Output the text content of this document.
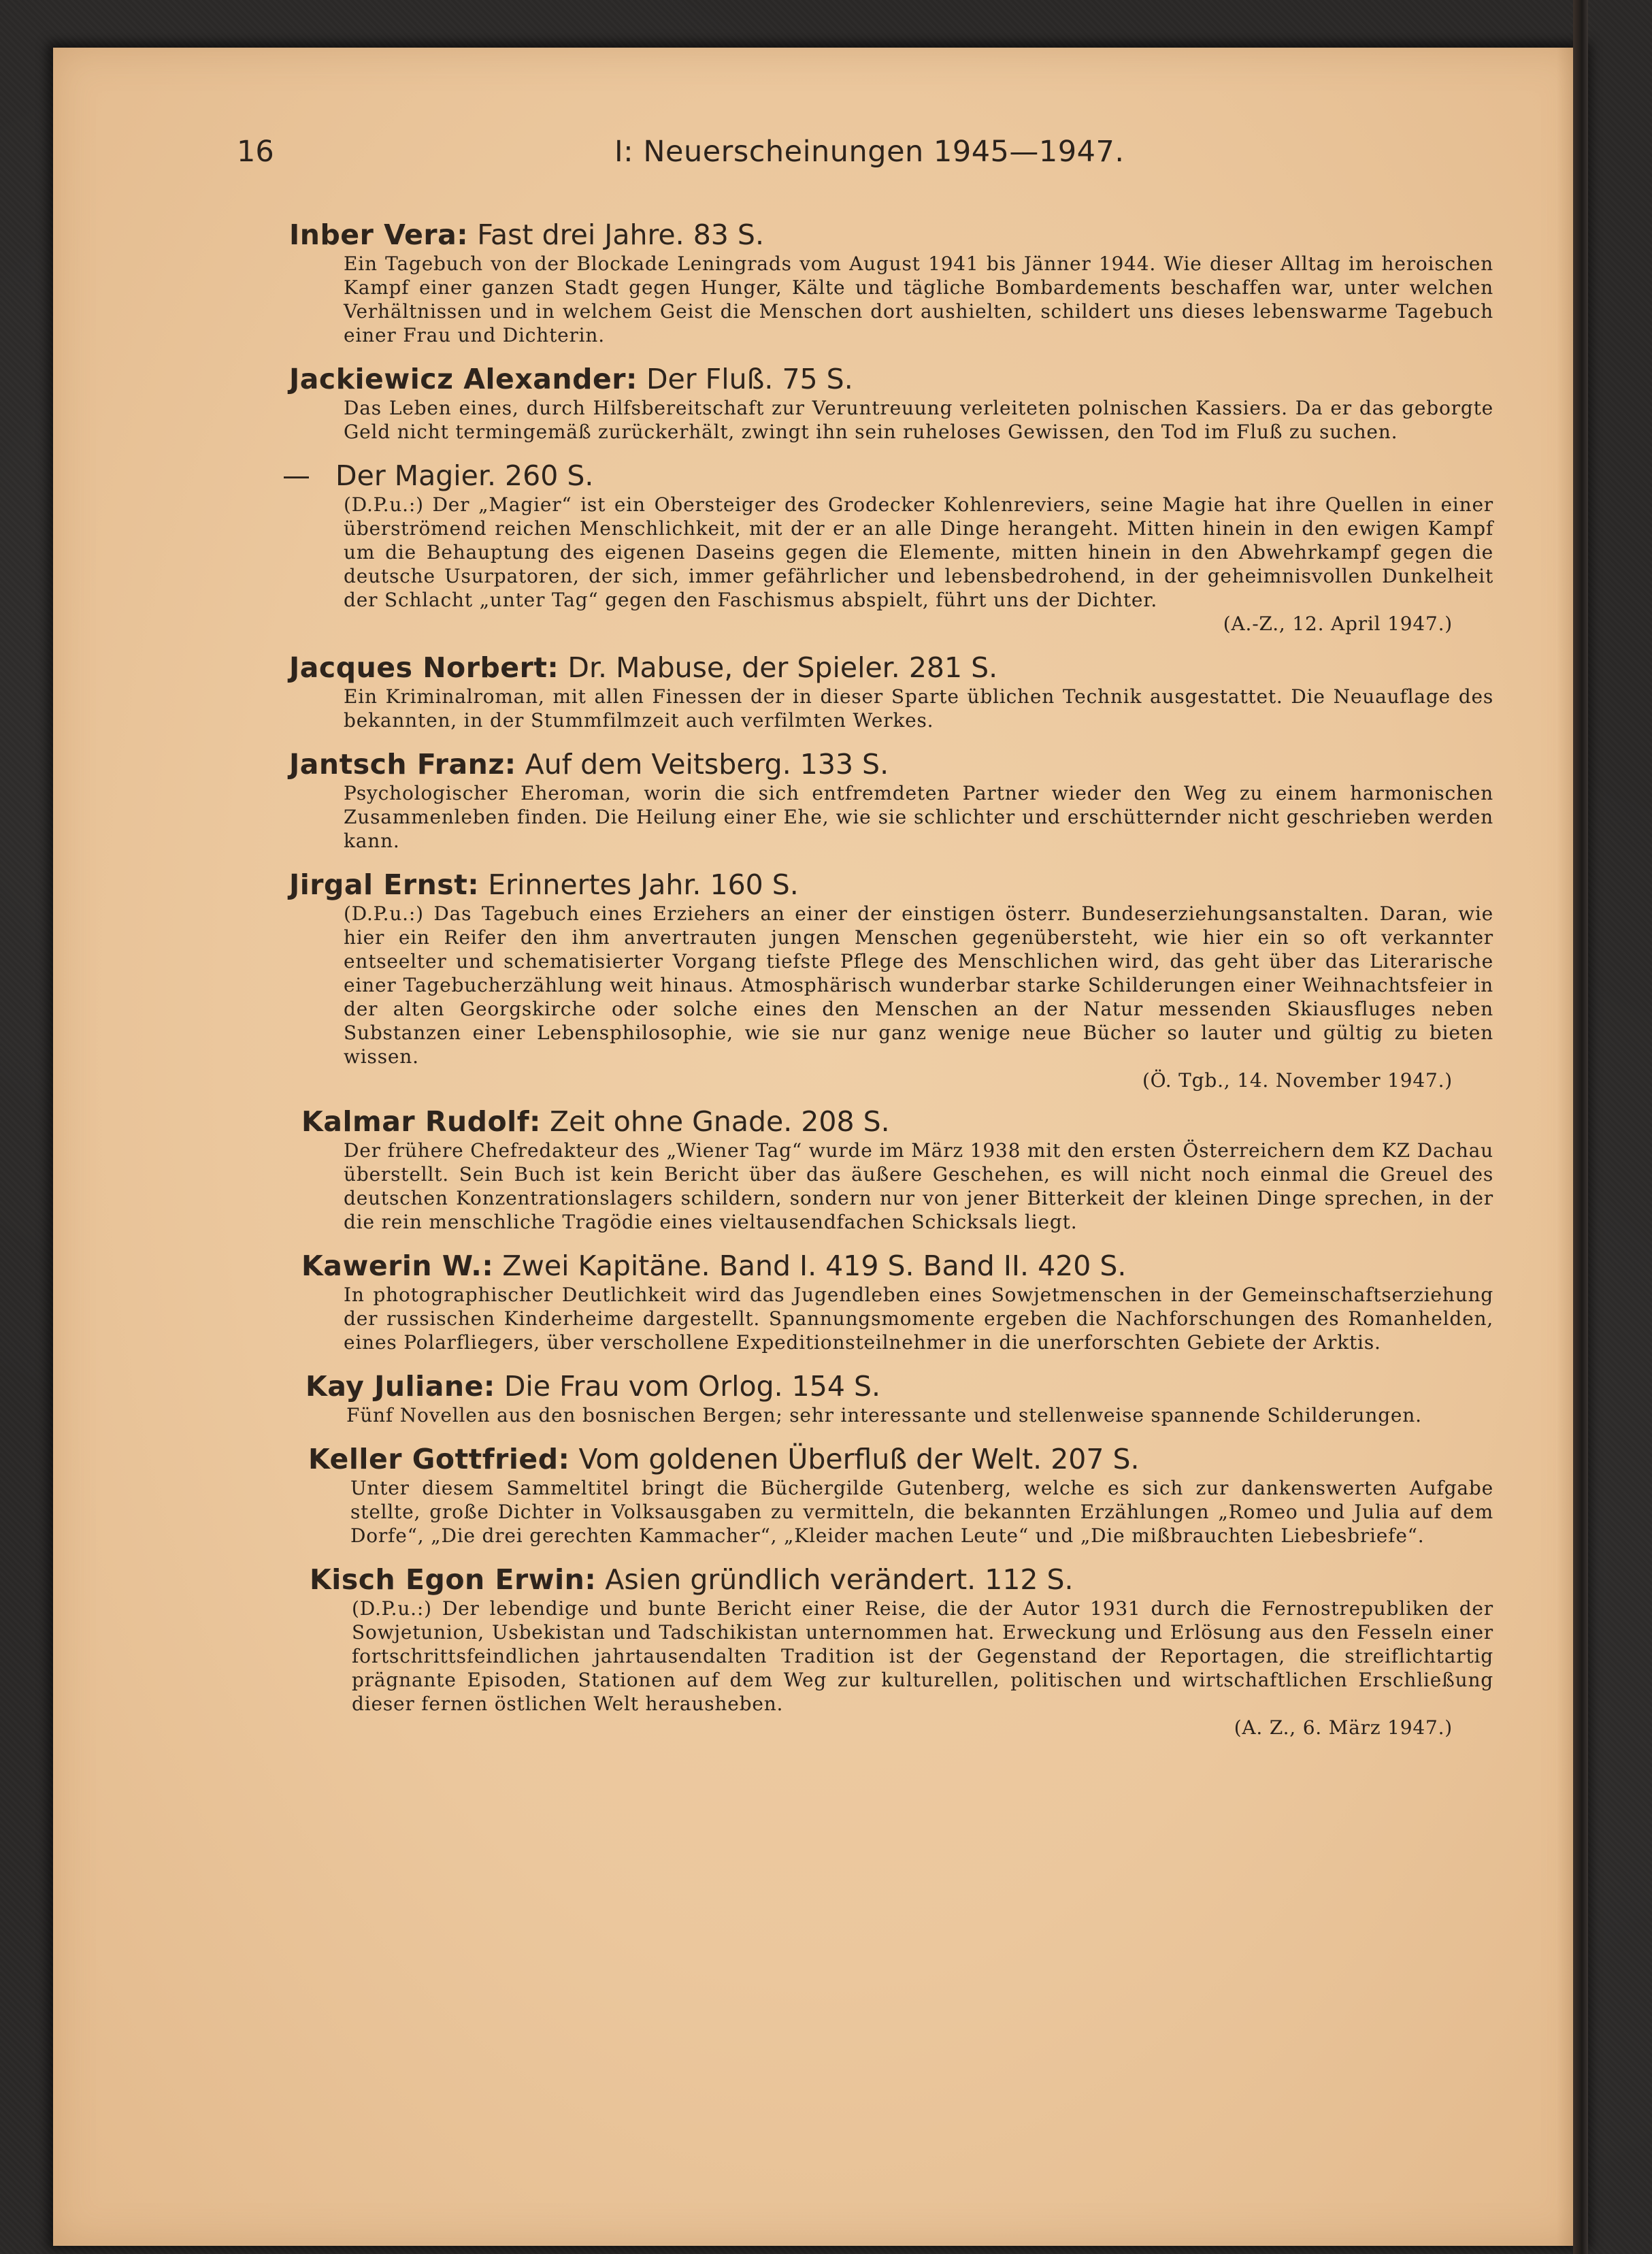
16	I: Neuerscheinungen 1945—1947.
Inber Vera: Fast drei Jahre. 83 S.

Ein Tagebuch von der Blockade Leningrads vom August 1941 bis Jänner 1944. Wie dieser Alltag im heroischen Kampf einer ganzen Stadt gegen Hunger, Kälte und tägliche Bombardements beschaffen war, unter welchen Verhältnissen und in welchem Geist die Menschen dort aushielten, schildert uns dieses lebenswarme Tagebuch einer Frau und Dichterin.

Jackiewicz Alexander: Der Fluß. 75 S.

Das Leben eines, durch Hilfsbereitschaft zur Veruntreuung verleiteten polnischen Kassiers. Da er das geborgte Geld nicht termingemäß zurückerhält, zwingt ihn sein ruheloses Gewissen, den Tod im Fluß zu suchen.

— Der Magier. 260 S.

(D.P.u.:) Der „Magier“ ist ein Obersteiger des Grodecker Kohlenreviers, seine Magie hat ihre Quellen in einer überströmend reichen Menschlichkeit, mit der er an alle Dinge herangeht. Mitten hinein in den ewigen Kampf um die Behauptung des eigenen Daseins gegen die Elemente, mitten hinein in den Abwehrkampf gegen die deutsche Usurpatoren, der sich, immer gefährlicher und lebensbedrohend, in der geheimnisvollen Dunkelheit der Schlacht „unter Tag“ gegen den Faschismus abspielt, führt uns der Dichter.

(A.-Z., 12. April 1947.)

Jacques Norbert: Dr. Mabuse, der Spieler. 281 S.

Ein Kriminalroman, mit allen Finessen der in dieser Sparte üblichen Technik ausgestattet. Die Neuauflage des bekannten, in der Stummfilmzeit auch verfilmten Werkes.

Jantsch Franz: Auf dem Veitsberg. 133 S.

Psychologischer Eheroman, worin die sich entfremdeten Partner wieder den Weg zu einem harmonischen Zusammenleben finden. Die Heilung einer Ehe, wie sie schlichter und erschütternder nicht geschrieben werden kann.

Jirgal Ernst: Erinnertes Jahr. 160 S.

(D.P.u.:) Das Tagebuch eines Erziehers an einer der einstigen österr. Bundeserziehungsanstalten. Daran, wie hier ein Reifer den ihm anvertrauten jungen Menschen gegenübersteht, wie hier ein so oft verkannter entseelter und schematisierter Vorgang tiefste Pflege des Menschlichen wird, das geht über das Literarische einer Tagebucherzählung weit hinaus. Atmosphärisch wunderbar starke Schilderungen einer Weihnachtsfeier in der alten Georgskirche oder solche eines den Menschen an der Natur messenden Skiausfluges neben Substanzen einer Lebensphilosophie, wie sie nur ganz wenige neue Bücher so lauter und gültig zu bieten wissen.

(Ö. Tgb., 14. November 1947.)

Kalmar Rudolf: Zeit ohne Gnade. 208 S.

Der frühere Chefredakteur des „Wiener Tag“ wurde im März 1938 mit den ersten Österreichern dem KZ Dachau überstellt. Sein Buch ist kein Bericht über das äußere Geschehen, es will nicht noch einmal die Greuel des deutschen Konzentrationslagers schildern, sondern nur von jener Bitterkeit der kleinen Dinge sprechen, in der die rein menschliche Tragödie eines vieltausendfachen Schicksals liegt.

Kawerin W.: Zwei Kapitäne. Band I. 419 S. Band II. 420 S.

In photographischer Deutlichkeit wird das Jugendleben eines Sowjetmenschen in der Gemeinschaftserziehung der russischen Kinderheime dargestellt. Spannungsmomente ergeben die Nachforschungen des Romanhelden, eines Polarfliegers, über verschollene Expeditionsteilnehmer in die unerforschten Gebiete der Arktis.

Kay Juliane: Die Frau vom Orlog. 154 S.

Fünf Novellen aus den bosnischen Bergen; sehr interessante und stellenweise spannende Schilderungen.

Keller Gottfried: Vom goldenen Überfluß der Welt. 207 S.

Unter diesem Sammeltitel bringt die Büchergilde Gutenberg, welche es sich zur dankenswerten Aufgabe stellte, große Dichter in Volksausgaben zu vermitteln, die bekannten Erzählungen „Romeo und Julia auf dem Dorfe“, „Die drei gerechten Kammacher“, „Kleider machen Leute“ und „Die mißbrauchten Liebesbriefe“.

Kisch Egon Erwin: Asien gründlich verändert. 112 S.

(D.P.u.:) Der lebendige und bunte Bericht einer Reise, die der Autor 1931 durch die Fernostrepubliken der Sowjetunion, Usbekistan und Tadschikistan unternommen hat. Erweckung und Erlösung aus den Fesseln einer fortschrittsfeindlichen jahrtausendalten Tradition ist der Gegenstand der Reportagen, die streiflichtartig prägnante Episoden, Stationen auf dem Weg zur kulturellen, politischen und wirtschaftlichen Erschließung dieser fernen östlichen Welt herausheben.

(A. Z., 6. März 1947.)
